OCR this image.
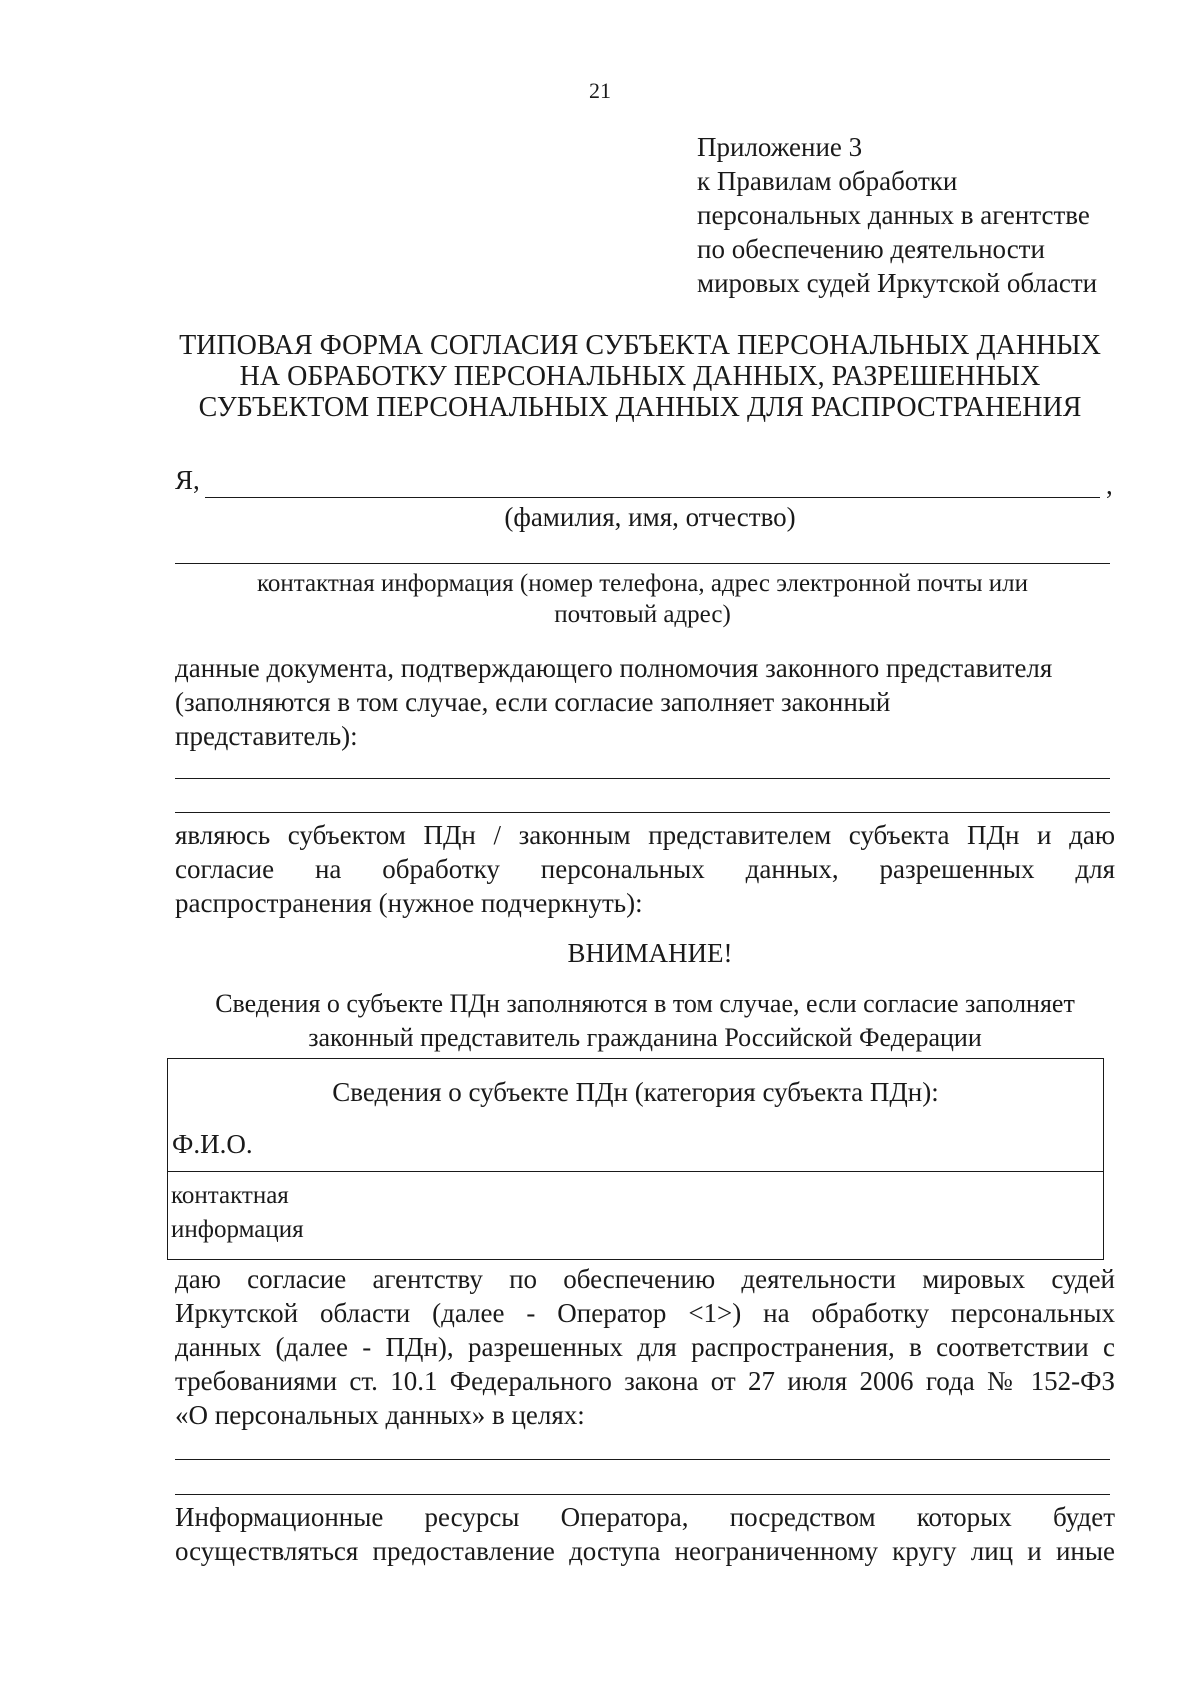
21
Приложение 3
к Правилам обработки
персональных данных в агентстве
по обеспечению деятельности
мировых судей Иркутской области
ТИПОВАЯ ФОРМА СОГЛАСИЯ СУБЪЕКТА ПЕРСОНАЛЬНЫХ ДАННЫХ
НА ОБРАБОТКУ ПЕРСОНАЛЬНЫХ ДАННЫХ, РАЗРЕШЕННЫХ
СУБЪЕКТОМ ПЕРСОНАЛЬНЫХ ДАННЫХ ДЛЯ РАСПРОСТРАНЕНИЯ
Я,	,
(фамилия, имя, отчество)
контактная информация (номер телефона, адрес электронной почты или
почтовый адрес)
данные документа, подтверждающего полномочия законного представителя
(заполняются в том случае, если согласие заполняет законный
представитель):
являюсь субъектом ПДн / законным представителем субъекта ПДн и даю
согласие на обработку персональных данных, разрешенных для
распространения (нужное подчеркнуть):
ВНИМАНИЕ!
Сведения о субъекте ПДн заполняются в том случае, если согласие заполняет
законный представитель гражданина Российской Федерации
Сведения о субъекте ПДн (категория субъекта ПДн):
Ф.И.О.
контактная
информация
даю согласие агентству по обеспечению деятельности мировых судей
Иркутской области (далее - Оператор <1>) на обработку персональных
данных (далее - ПДн), разрешенных для распространения, в соответствии с
требованиями ст. 10.1 Федерального закона от 27 июля 2006 года № 152-ФЗ
«О персональных данных» в целях:
Информационные ресурсы Оператора, посредством которых будет
осуществляться предоставление доступа неограниченному кругу лиц и иные
